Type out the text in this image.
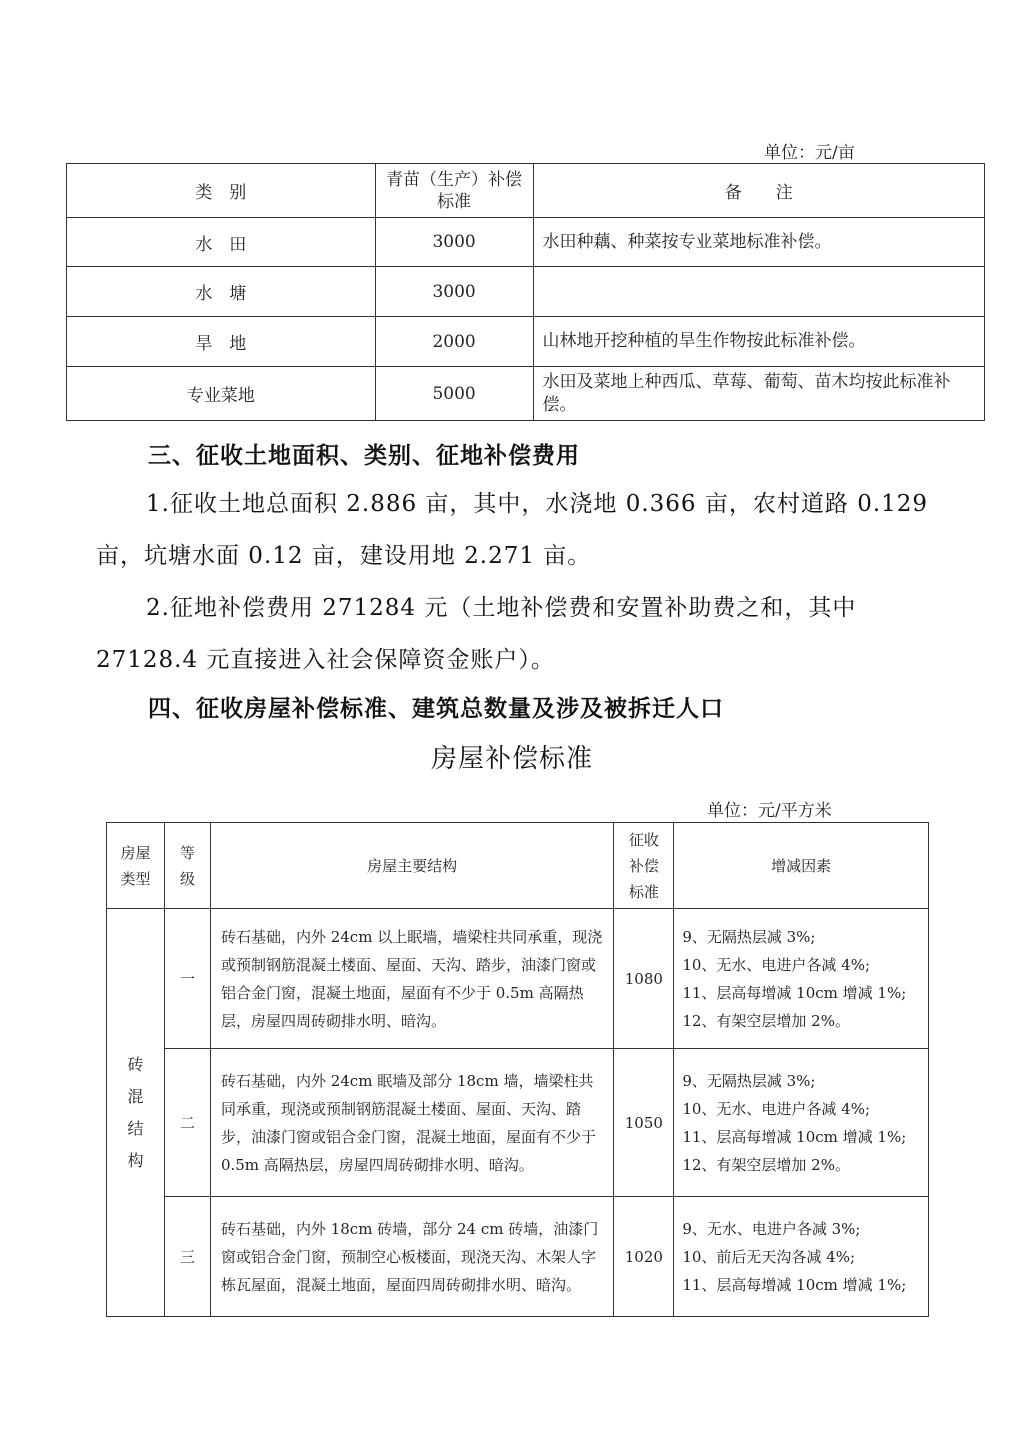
单位：元/亩
类　别	青苗（生产）补偿标准	备　　注
水　田	3000	水田种藕、种菜按专业菜地标准补偿。
水　塘	3000	
旱　地	2000	山林地开挖种植的旱生作物按此标准补偿。
专业菜地	5000	水田及菜地上种西瓜、草莓、葡萄、苗木均按此标准补偿。
三、征收土地面积、类别、征地补偿费用
1.征收土地总面积 2.886 亩，其中，水浇地 0.366 亩，农村道路 0.129 亩，坑塘水面 0.12 亩，建设用地 2.271 亩。
2.征地补偿费用 271284 元（土地补偿费和安置补助费之和，其中 27128.4 元直接进入社会保障资金账户）。
四、征收房屋补偿标准、建筑总数量及涉及被拆迁人口
房屋补偿标准
单位：元/平方米
房屋类型	等级	房屋主要结构	征收补偿标准	增减因素

砖混结构	一	砖石基础，内外 24cm 以上眠墙，墙梁柱共同承重，现浇或预制钢筋混凝土楼面、屋面、天沟、踏步，油漆门窗或铝合金门窗，混凝土地面，屋面有不少于 0.5m 高隔热层，房屋四周砖砌排水明、暗沟。	1080	9、无隔热层减 3%;
10、无水、电进户各减 4%;
11、层高每增减 10cm 增减 1%;
12、有架空层增加 2%。
	二	砖石基础，内外 24cm 眠墙及部分 18cm 墙，墙梁柱共同承重，现浇或预制钢筋混凝土楼面、屋面、天沟、踏步，油漆门窗或铝合金门窗，混凝土地面，屋面有不少于 0.5m 高隔热层，房屋四周砖砌排水明、暗沟。	1050	9、无隔热层减 3%;
10、无水、电进户各减 4%;
11、层高每增减 10cm 增减 1%;
12、有架空层增加 2%。
	三	砖石基础，内外 18cm 砖墙，部分 24 cm 砖墙，油漆门窗或铝合金门窗，预制空心板楼面，现浇天沟、木架人字栋瓦屋面，混凝土地面，屋面四周砖砌排水明、暗沟。	1020	9、无水、电进户各减 3%;
10、前后无天沟各减 4%;
11、层高每增减 10cm 增减 1%;
